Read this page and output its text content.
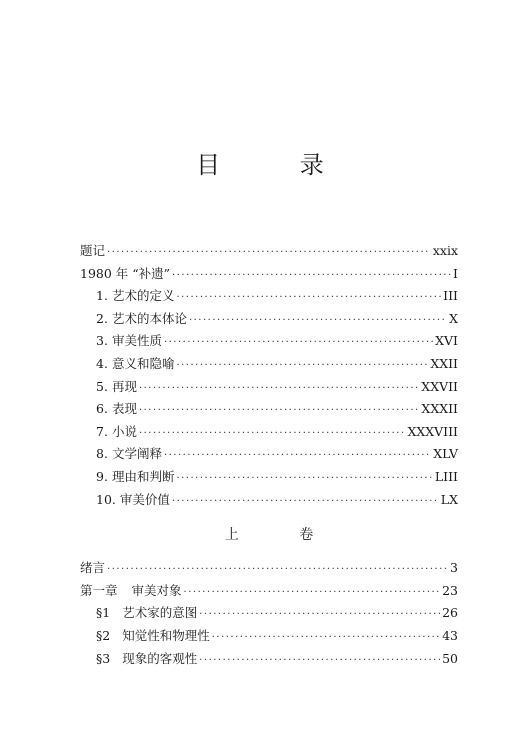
目 录
题记 ·····	xxix
1980 年 “补遗” ·····	I
1. 艺术的定义 ·····	III
2. 艺术的本体论 ·····	X
3. 审美性质 ·····	XVI
4. 意义和隐喻 ·····	XXII
5. 再现 ·····	XXVII
6. 表现 ·····	XXXII
7. 小说 ·····	XXXVIII
8. 文学阐释 ·····	XLV
9. 理由和判断 ·····	LIII
10. 审美价值 ·····	LX
上 卷
绪言 ·····	3
第一章 审美对象 ·····	23
§1 艺术家的意图 ·····	26
§2 知觉性和物理性 ·····	43
§3 现象的客观性 ·····	50
